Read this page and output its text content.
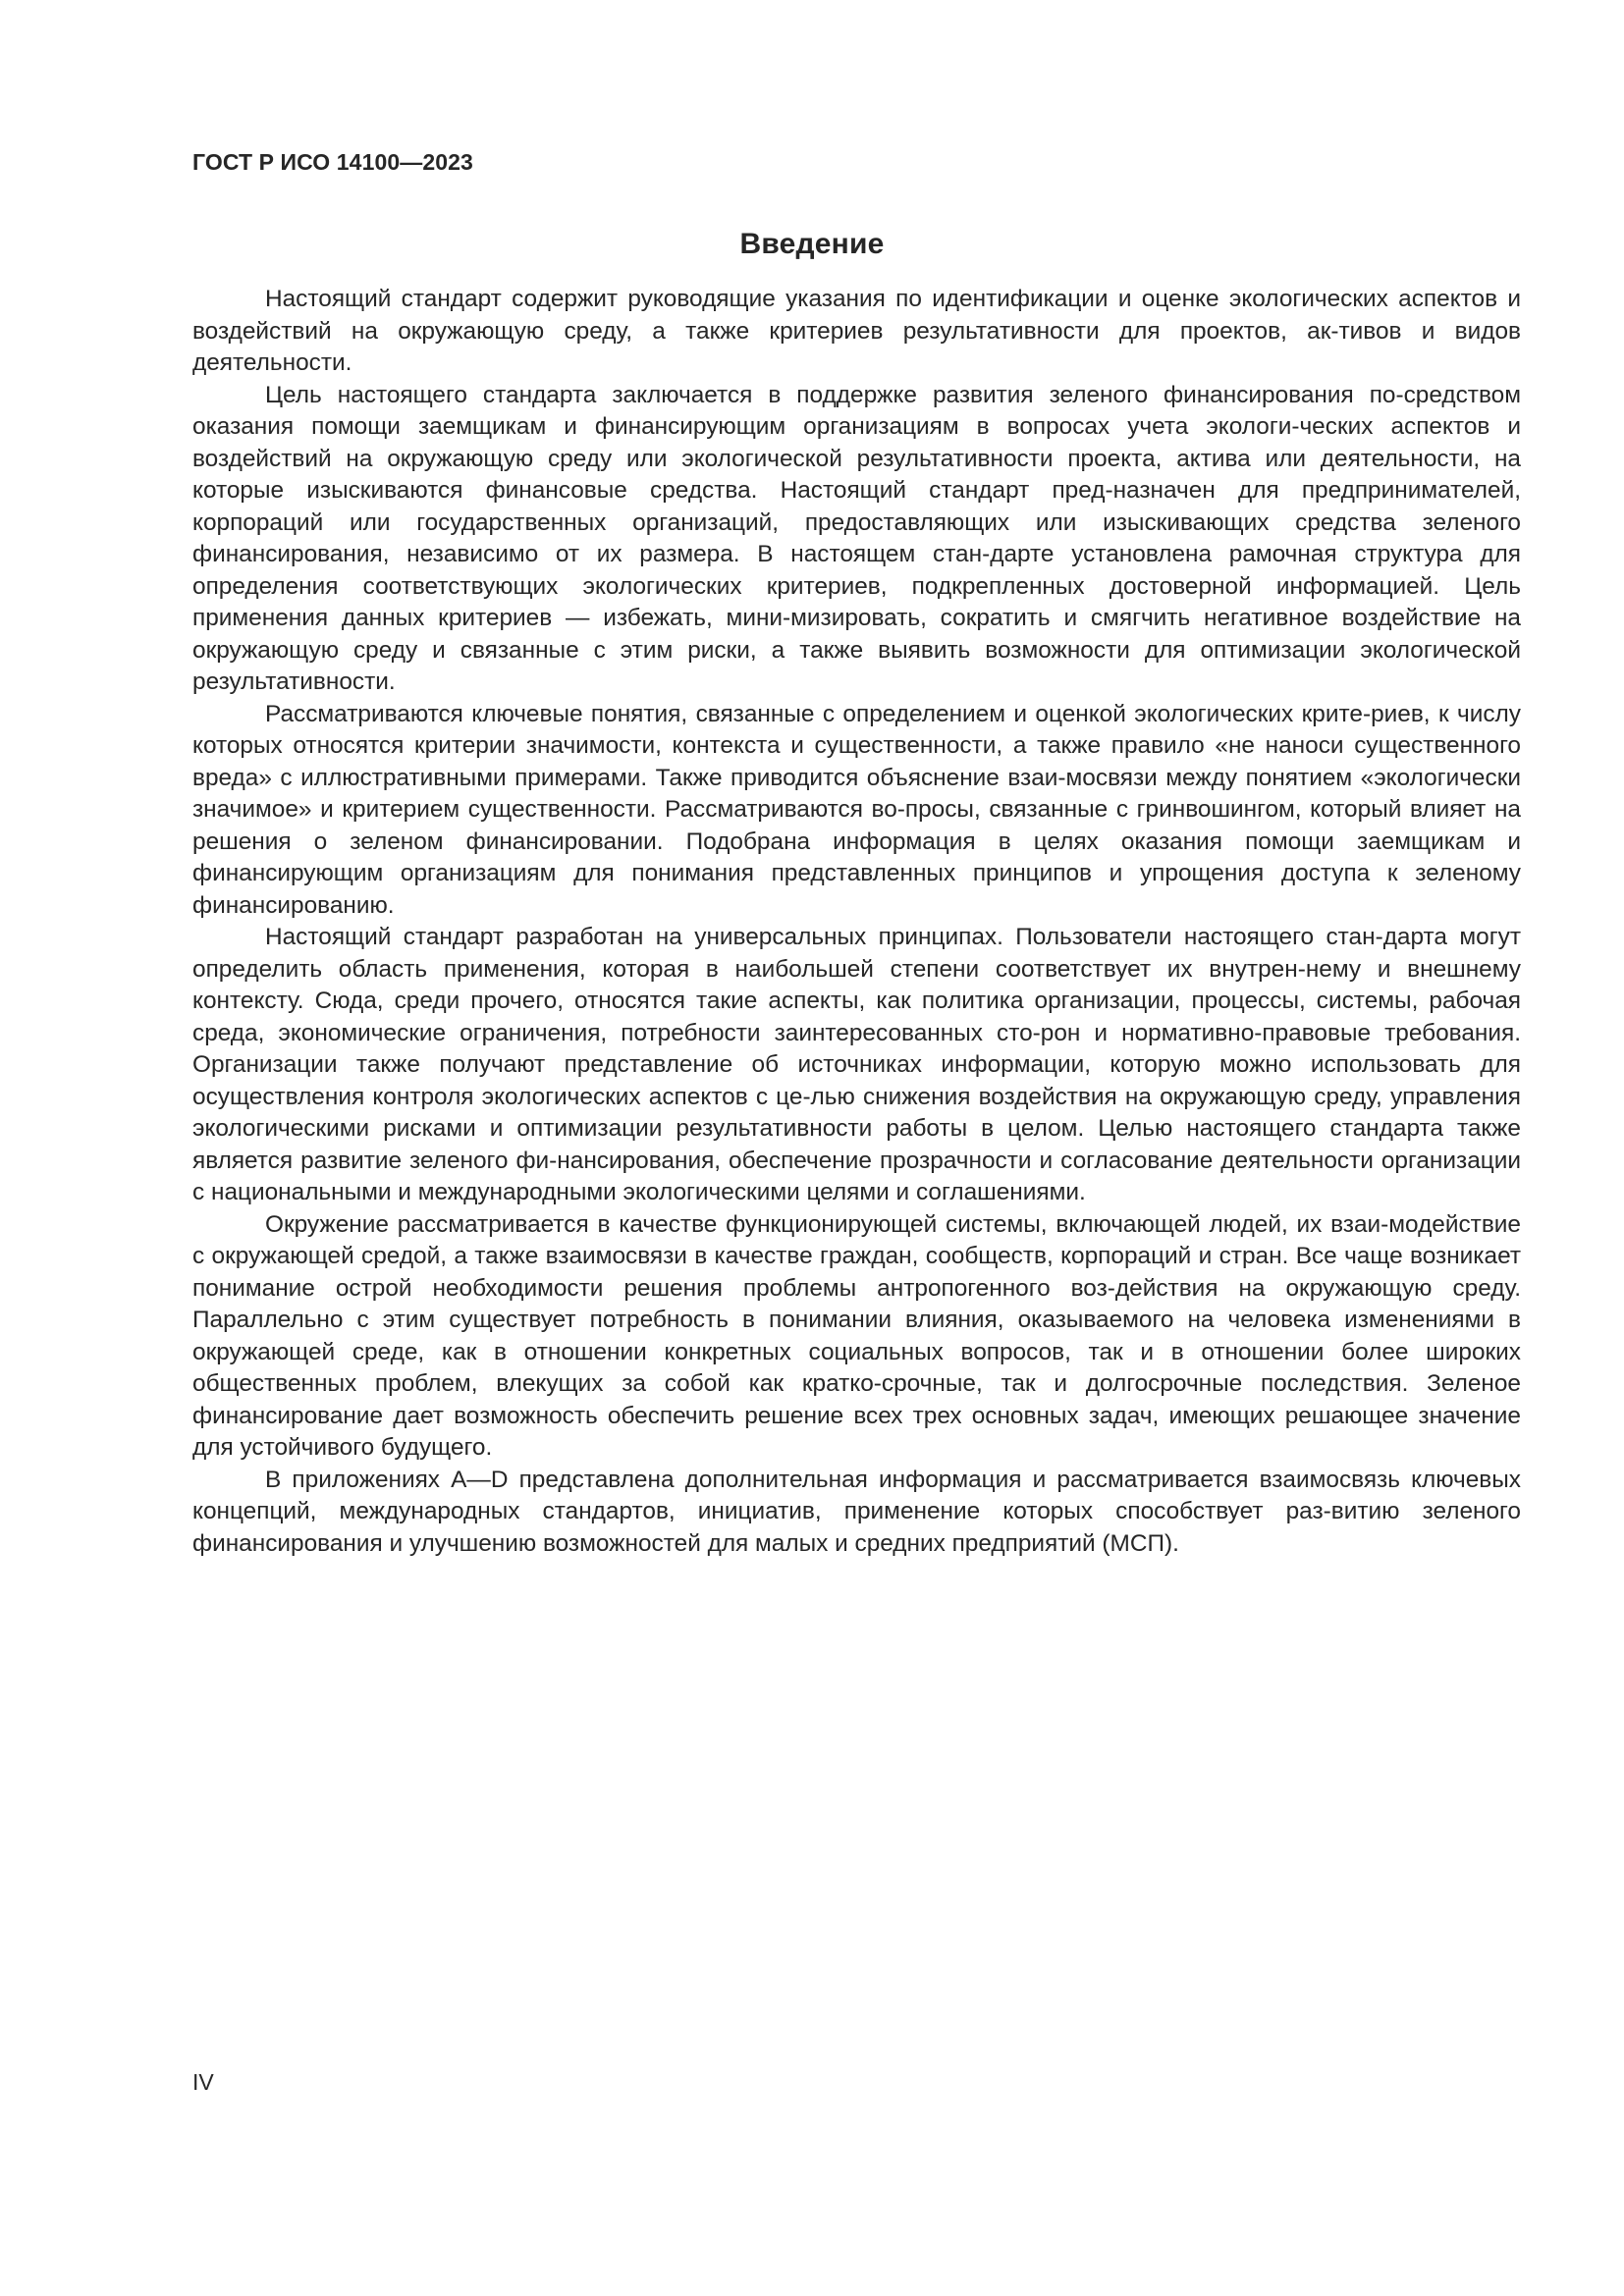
ГОСТ Р ИСО 14100—2023
Введение

Настоящий стандарт содержит руководящие указания по идентификации и оценке экологических аспектов и воздействий на окружающую среду, а также критериев результативности для проектов, ак-тивов и видов деятельности.

Цель настоящего стандарта заключается в поддержке развития зеленого финансирования по-средством оказания помощи заемщикам и финансирующим организациям в вопросах учета экологи-ческих аспектов и воздействий на окружающую среду или экологической результативности проекта, актива или деятельности, на которые изыскиваются финансовые средства. Настоящий стандарт пред-назначен для предпринимателей, корпораций или государственных организаций, предоставляющих или изыскивающих средства зеленого финансирования, независимо от их размера. В настоящем стан-дарте установлена рамочная структура для определения соответствующих экологических критериев, подкрепленных достоверной информацией. Цель применения данных критериев — избежать, мини-мизировать, сократить и смягчить негативное воздействие на окружающую среду и связанные с этим риски, а также выявить возможности для оптимизации экологической результативности.

Рассматриваются ключевые понятия, связанные с определением и оценкой экологических крите-риев, к числу которых относятся критерии значимости, контекста и существенности, а также правило «не наноси существенного вреда» с иллюстративными примерами. Также приводится объяснение взаи-мосвязи между понятием «экологически значимое» и критерием существенности. Рассматриваются во-просы, связанные с гринвошингом, который влияет на решения о зеленом финансировании. Подобрана информация в целях оказания помощи заемщикам и финансирующим организациям для понимания представленных принципов и упрощения доступа к зеленому финансированию.

Настоящий стандарт разработан на универсальных принципах. Пользователи настоящего стан-дарта могут определить область применения, которая в наибольшей степени соответствует их внутрен-нему и внешнему контексту. Сюда, среди прочего, относятся такие аспекты, как политика организации, процессы, системы, рабочая среда, экономические ограничения, потребности заинтересованных сто-рон и нормативно-правовые требования. Организации также получают представление об источниках информации, которую можно использовать для осуществления контроля экологических аспектов с це-лью снижения воздействия на окружающую среду, управления экологическими рисками и оптимизации результативности работы в целом. Целью настоящего стандарта также является развитие зеленого фи-нансирования, обеспечение прозрачности и согласование деятельности организации с национальными и международными экологическими целями и соглашениями.

Окружение рассматривается в качестве функционирующей системы, включающей людей, их взаи-модействие с окружающей средой, а также взаимосвязи в качестве граждан, сообществ, корпораций и стран. Все чаще возникает понимание острой необходимости решения проблемы антропогенного воз-действия на окружающую среду. Параллельно с этим существует потребность в понимании влияния, оказываемого на человека изменениями в окружающей среде, как в отношении конкретных социальных вопросов, так и в отношении более широких общественных проблем, влекущих за собой как кратко-срочные, так и долгосрочные последствия. Зеленое финансирование дает возможность обеспечить решение всех трех основных задач, имеющих решающее значение для устойчивого будущего.

В приложениях А—D представлена дополнительная информация и рассматривается взаимосвязь ключевых концепций, международных стандартов, инициатив, применение которых способствует раз-витию зеленого финансирования и улучшению возможностей для малых и средних предприятий (МСП).

IV
